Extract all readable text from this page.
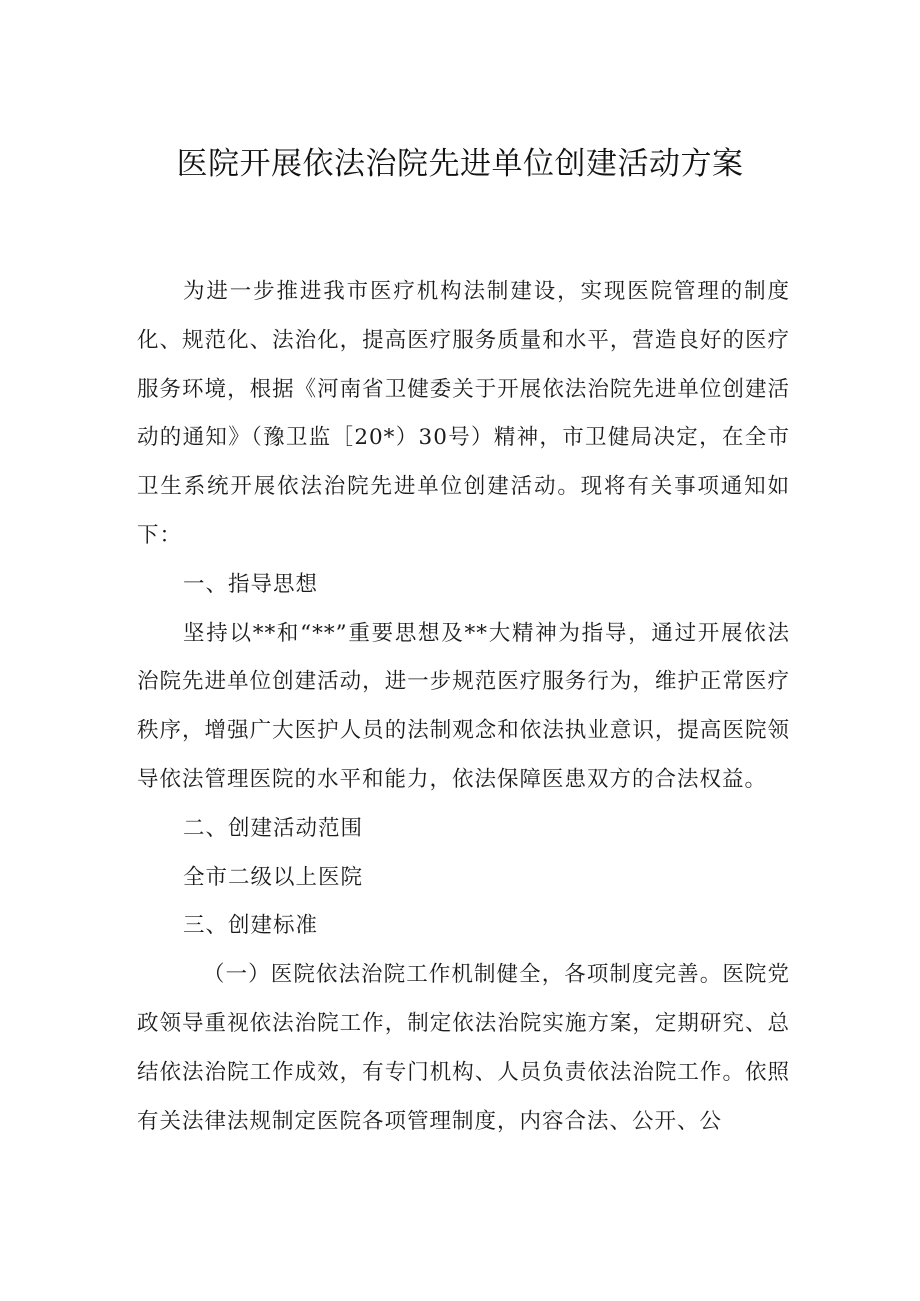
医院开展依法治院先进单位创建活动方案

为进一步推进我市医疗机构法制建设，实现医院管理的制度化、规范化、法治化，提高医疗服务质量和水平，营造良好的医疗服务环境，根据《河南省卫健委关于开展依法治院先进单位创建活动的通知》（豫卫监［20*）30号）精神，市卫健局决定，在全市卫生系统开展依法治院先进单位创建活动。现将有关事项通知如下：

一、指导思想

坚持以**和“**”重要思想及**大精神为指导，通过开展依法治院先进单位创建活动，进一步规范医疗服务行为，维护正常医疗秩序，增强广大医护人员的法制观念和依法执业意识，提高医院领导依法管理医院的水平和能力，依法保障医患双方的合法权益。

二、创建活动范围

全市二级以上医院

三、创建标准

（一）医院依法治院工作机制健全，各项制度完善。医院党政领导重视依法治院工作，制定依法治院实施方案，定期研究、总结依法治院工作成效，有专门机构、人员负责依法治院工作。依照有关法律法规制定医院各项管理制度，内容合法、公开、公
